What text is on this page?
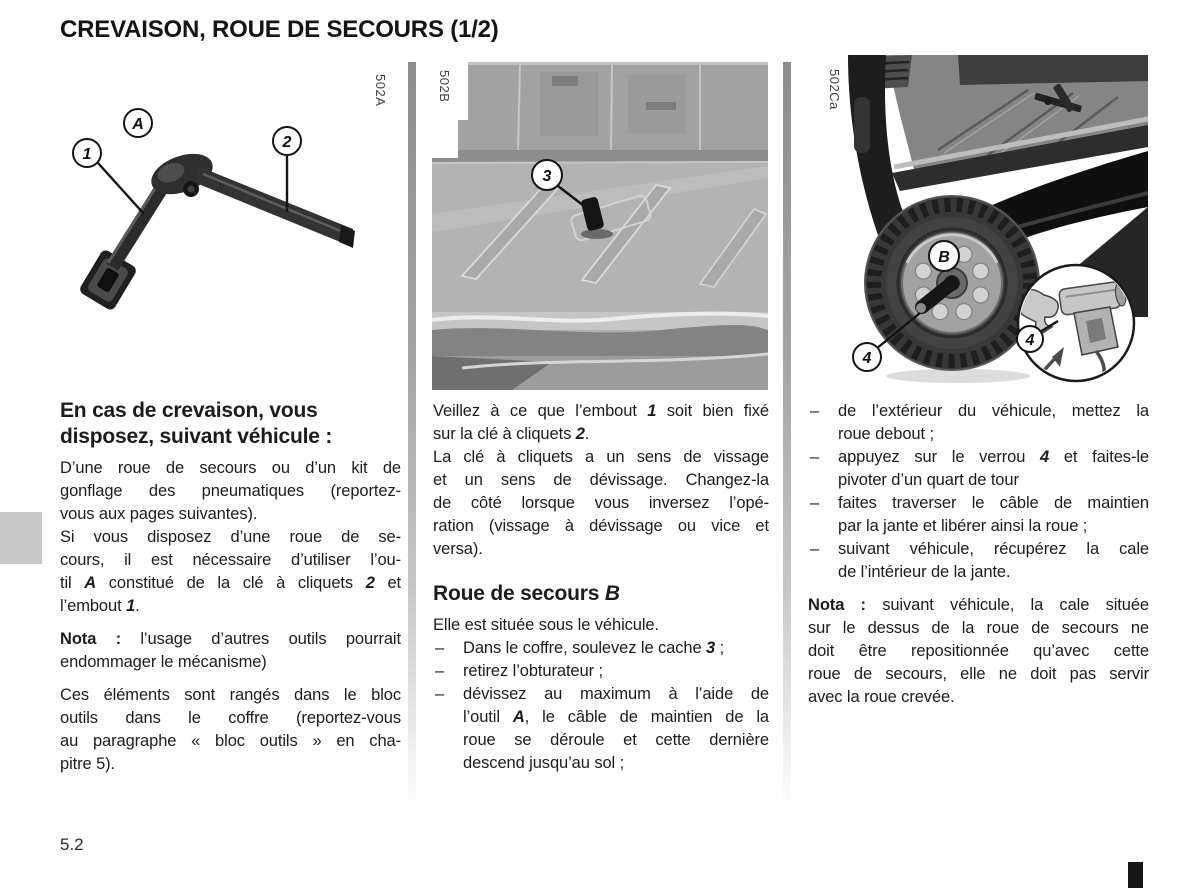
CREVAISON, ROUE DE SECOURS (1/2)
5.2
1
2
A
502A
3
502B
B
4
4
502Ca
En cas de crevaison, vous
disposez, suivant véhicule :
D’une roue de secours ou d’un kit de
gonflage des pneumatiques (reportez-
vous aux pages suivantes).
Si vous disposez d’une roue de se-
cours, il est nécessaire d’utiliser l’ou-
til A constitué de la clé à cliquets 2 et
l’embout 1.
Nota : l’usage d’autres outils pourrait
endommager le mécanisme)
Ces éléments sont rangés dans le bloc
outils dans le coffre (reportez-vous
au paragraphe « bloc outils » en cha-
pitre 5).
Veillez à ce que l’embout 1 soit bien fixé
sur la clé à cliquets 2.
La clé à cliquets a un sens de vissage
et un sens de dévissage. Changez-la
de côté lorsque vous inversez l’opé-
ration (vissage à dévissage ou vice et
versa).
Roue de secours B
Elle est située sous le véhicule.
– Dans le coffre, soulevez le cache 3 ;
– retirez l’obturateur ;
– dévissez au maximum à l’aide de
l’outil A, le câble de maintien de la
roue se déroule et cette dernière
descend jusqu’au sol ;
– de l’extérieur du véhicule, mettez la
roue debout ;
– appuyez sur le verrou 4 et faites-le
pivoter d’un quart de tour
– faites traverser le câble de maintien
par la jante et libérer ainsi la roue ;
– suivant véhicule, récupérez la cale
de l’intérieur de la jante.
Nota : suivant véhicule, la cale située
sur le dessus de la roue de secours ne
doit être repositionnée qu’avec cette
roue de secours, elle ne doit pas servir
avec la roue crevée.
